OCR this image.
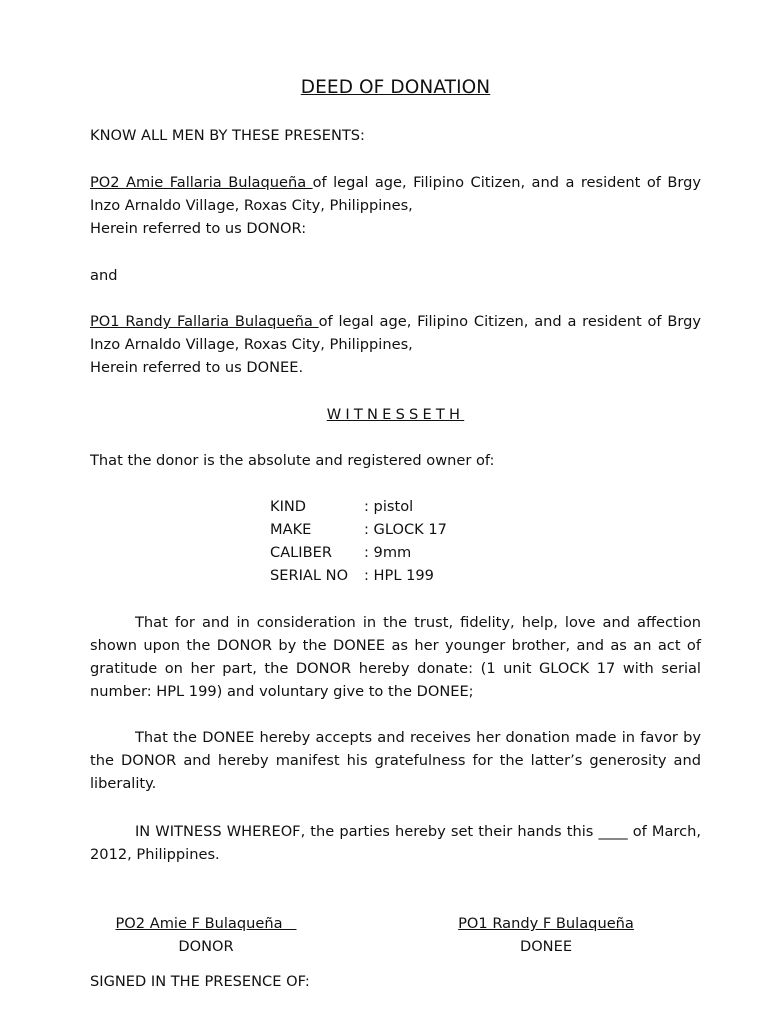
DEED OF DONATION
KNOW ALL MEN BY THESE PRESENTS:
PO2 Amie Fallaria Bulaqueña of legal age, Filipino Citizen, and a resident of Brgy Inzo Arnaldo Village, Roxas City, Philippines,
Herein referred to us DONOR:
and
PO1 Randy Fallaria Bulaqueña of legal age, Filipino Citizen, and a resident of Brgy Inzo Arnaldo Village, Roxas City, Philippines,
Herein referred to us DONEE.
WITNESSETH
That the donor is the absolute and registered owner of:
KIND	: pistol
MAKE	: GLOCK 17
CALIBER : 9mm
SERIAL NO : HPL 199
That for and in consideration in the trust, fidelity, help, love and affection shown upon the DONOR by the DONEE as her younger brother, and as an act of gratitude on her part, the DONOR hereby donate: (1 unit GLOCK 17 with serial number: HPL 199) and voluntary give to the DONEE;
That the DONEE hereby accepts and receives her donation made in favor by the DONOR and hereby manifest his gratefulness for the latter’s generosity and liberality.
IN WITNESS WHEREOF, the parties hereby set their hands this ____ of March, 2012, Philippines.
PO2 Amie F Bulaqueña
DONOR
PO1 Randy F Bulaqueña
DONEE
SIGNED IN THE PRESENCE OF:
